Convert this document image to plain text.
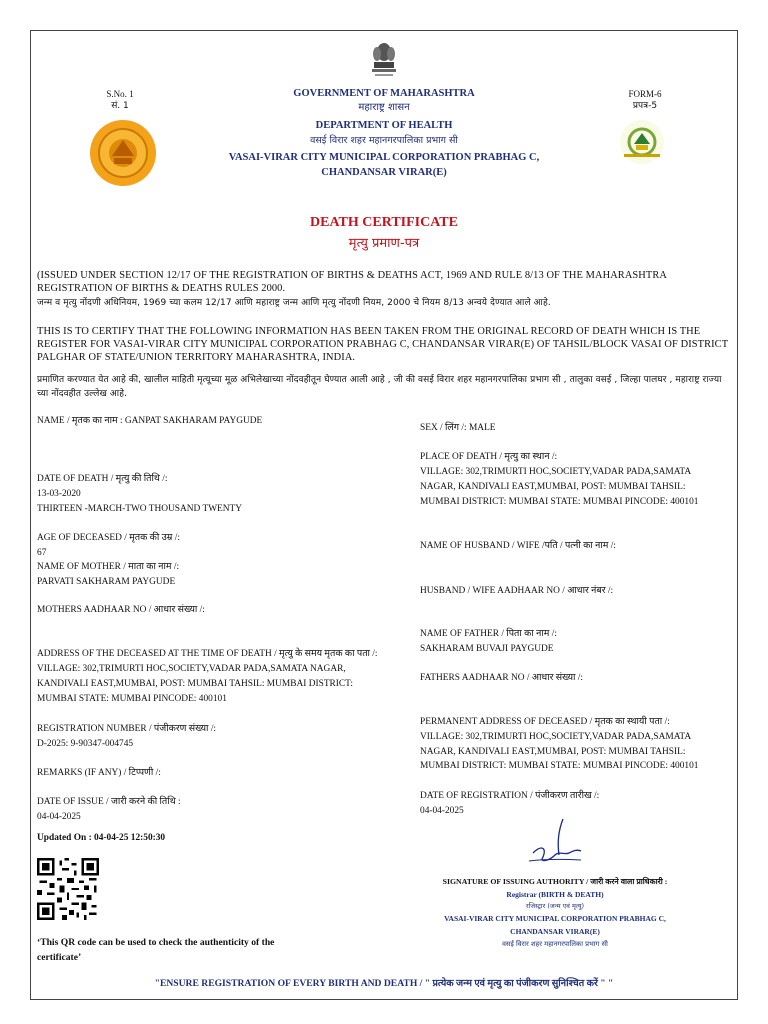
S.No. 1
सं. 1
FORM-6
प्रपत्र-5
GOVERNMENT OF MAHARASHTRA
महाराष्ट्र शासन
DEPARTMENT OF HEALTH
वसई विरार शहर महानगरपालिका प्रभाग सी
VASAI-VIRAR CITY MUNICIPAL CORPORATION PRABHAG C,
CHANDANSAR VIRAR(E)
DEATH CERTIFICATE
मृत्यु प्रमाण-पत्र
(ISSUED UNDER SECTION 12/17 OF THE REGISTRATION OF BIRTHS & DEATHS ACT, 1969 AND RULE 8/13 OF THE MAHARASHTRA REGISTRATION OF BIRTHS & DEATHS RULES 2000.
जन्म व मृत्यु नोंदणी अधिनियम, 1969 च्या कलम 12/17 आणि महाराष्ट्र जन्म आणि मृत्यु नोंदणी नियम, 2000 चे नियम 8/13 अन्वये देण्यात आले आहे.
THIS IS TO CERTIFY THAT THE FOLLOWING INFORMATION HAS BEEN TAKEN FROM THE ORIGINAL RECORD OF DEATH WHICH IS THE REGISTER FOR VASAI-VIRAR CITY MUNICIPAL CORPORATION PRABHAG C, CHANDANSAR VIRAR(E) OF TAHSIL/BLOCK VASAI OF DISTRICT PALGHAR OF STATE/UNION TERRITORY MAHARASHTRA, INDIA.
प्रमाणित करण्यात येत आहे की, खालील माहिती मृत्यूच्या मूळ अभिलेखाच्या नोंदवहीतून घेण्यात आली आहे , जी की वसई विरार शहर महानगरपालिका प्रभाग सी , तालुका वसई , जिल्हा पालघर , महाराष्ट्र राज्या च्या नोंदवहीत उल्लेख आहे.
NAME / मृतक का नाम : GANPAT SAKHARAM PAYGUDE
DATE OF DEATH / मृत्यु की तिथि /:
13-03-2020
THIRTEEN -MARCH-TWO THOUSAND TWENTY
AGE OF DECEASED / मृतक की उम्र /:
67
NAME OF MOTHER / माता का नाम /:
PARVATI SAKHARAM PAYGUDE
MOTHERS AADHAAR NO / आधार संख्या /:
ADDRESS OF THE DECEASED AT THE TIME OF DEATH / मृत्यु के समय मृतक का पता /:
VILLAGE: 302,TRIMURTI HOC,SOCIETY,VADAR PADA,SAMATA NAGAR,
KANDIVALI EAST,MUMBAI, POST: MUMBAI TAHSIL: MUMBAI DISTRICT:
MUMBAI STATE: MUMBAI PINCODE: 400101
REGISTRATION NUMBER / पंजीकरण संख्या /:
D-2025: 9-90347-004745
REMARKS (IF ANY) / टिप्पणी /:
DATE OF ISSUE / जारी करने की तिथि :
04-04-2025
Updated On : 04-04-25 12:50:30
‘This QR code can be used to check the authenticity of the
certificate’
SEX / लिंग /: MALE
PLACE OF DEATH / मृत्यु का स्थान /:
VILLAGE: 302,TRIMURTI HOC,SOCIETY,VADAR PADA,SAMATA
NAGAR, KANDIVALI EAST,MUMBAI, POST: MUMBAI TAHSIL:
MUMBAI DISTRICT: MUMBAI STATE: MUMBAI PINCODE: 400101
NAME OF HUSBAND / WIFE /पति / पत्नी का नाम /:
HUSBAND / WIFE AADHAAR NO / आधार नंबर /:
NAME OF FATHER / पिता का नाम /:
SAKHARAM BUVAJI PAYGUDE
FATHERS AADHAAR NO / आधार संख्या /:
PERMANENT ADDRESS OF DECEASED / मृतक का स्थायी पता /:
VILLAGE: 302,TRIMURTI HOC,SOCIETY,VADAR PADA,SAMATA
NAGAR, KANDIVALI EAST,MUMBAI, POST: MUMBAI TAHSIL:
MUMBAI DISTRICT: MUMBAI STATE: MUMBAI PINCODE: 400101
DATE OF REGISTRATION / पंजीकरण तारीख /:
04-04-2025
SIGNATURE OF ISSUING AUTHORITY / जारी करने वाला प्राधिकारी :
Registrar (BIRTH & DEATH)
रजिस्ट्रार (जन्म एवं मृत्यु)
VASAI-VIRAR CITY MUNICIPAL CORPORATION PRABHAG C,
CHANDANSAR VIRAR(E)
वसई विरार शहर महानगरपालिका प्रभाग सी
"ENSURE REGISTRATION OF EVERY BIRTH AND DEATH / " प्रत्येक जन्म एवं मृत्यु का पंजीकरण सुनिश्चित करें " "
